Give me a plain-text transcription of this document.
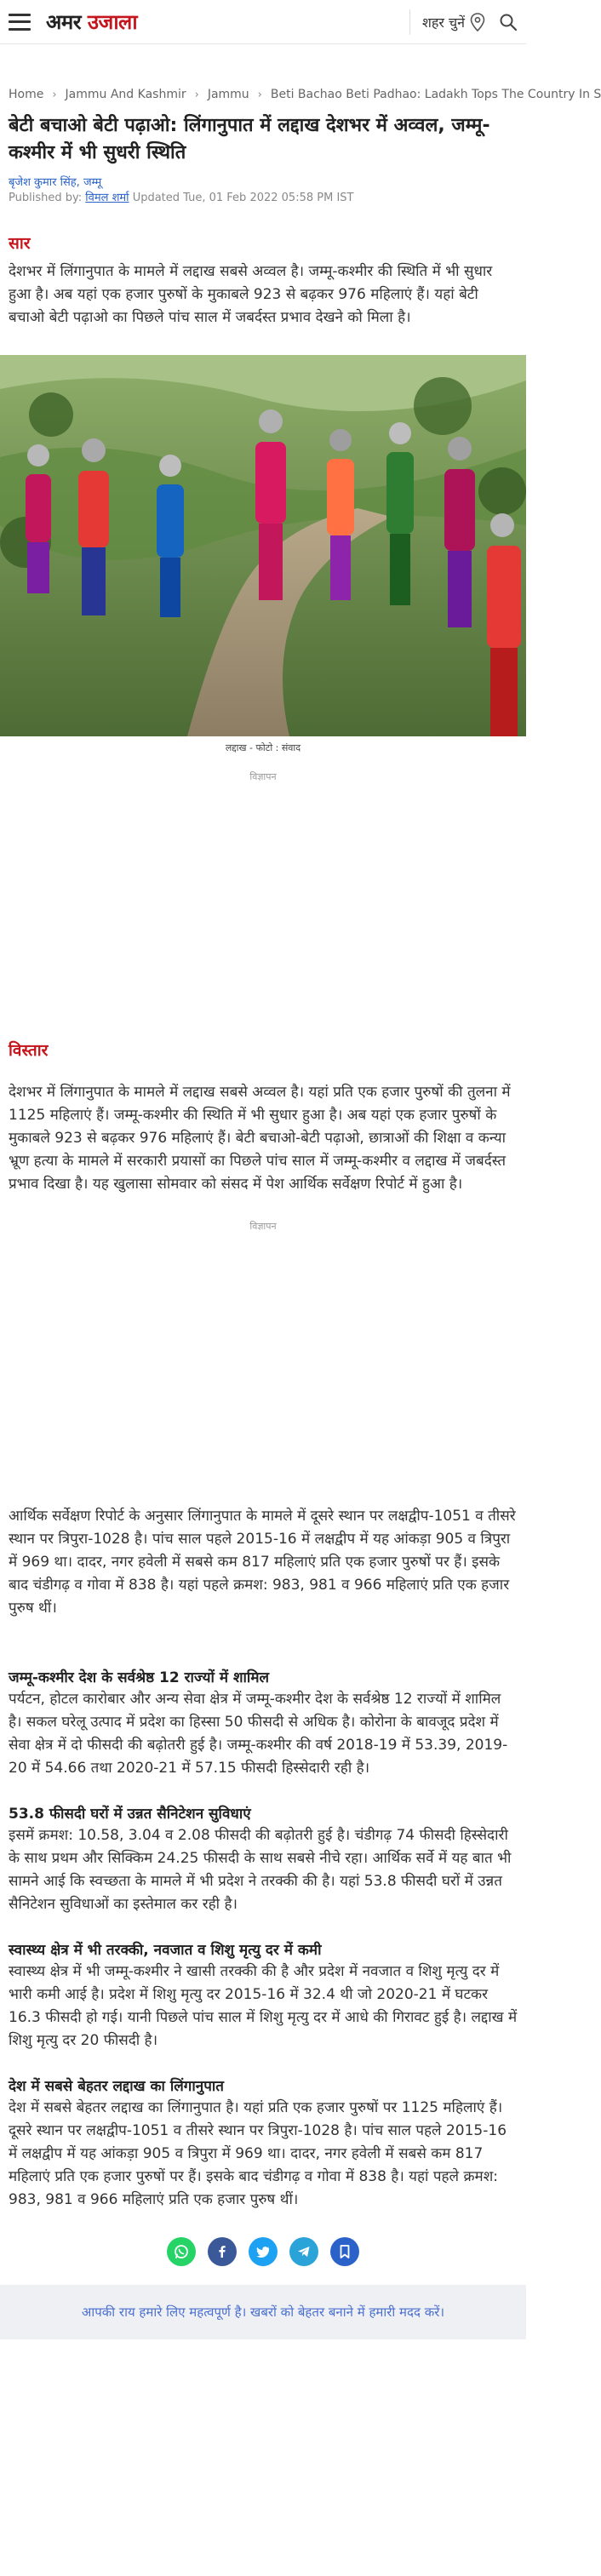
अमर उजाला	शहर चुनें
Home › Jammu And Kashmir › Jammu › Beti Bachao Beti Padhao: Ladakh Tops The Country In S
बेटी बचाओ बेटी पढ़ाओ: लिंगानुपात में लद्दाख देशभर में अव्वल, जम्मू-कश्मीर में भी सुधरी स्थिति
बृजेश कुमार सिंह, जम्मू
Published by: विमल शर्मा Updated Tue, 01 Feb 2022 05:58 PM IST
सार

देशभर में लिंगानुपात के मामले में लद्दाख सबसे अव्वल है। जम्मू-कश्मीर की स्थिति में भी सुधार हुआ है। अब यहां एक हजार पुरुषों के मुकाबले 923 से बढ़कर 976 महिलाएं हैं। यहां बेटी बचाओ बेटी पढ़ाओ का पिछले पांच साल में जबर्दस्त प्रभाव देखने को मिला है।

लद्दाख - फोटो : संवाद
विज्ञापन
विस्तार

देशभर में लिंगानुपात के मामले में लद्दाख सबसे अव्वल है। यहां प्रति एक हजार पुरुषों की तुलना में 1125 महिलाएं हैं। जम्मू-कश्मीर की स्थिति में भी सुधार हुआ है। अब यहां एक हजार पुरुषों के मुकाबले 923 से बढ़कर 976 महिलाएं हैं। बेटी बचाओ-बेटी पढ़ाओ, छात्राओं की शिक्षा व कन्या भ्रूण हत्या के मामले में सरकारी प्रयासों का पिछले पांच साल में जम्मू-कश्मीर व लद्दाख में जबर्दस्त प्रभाव दिखा है। यह खुलासा सोमवार को संसद में पेश आर्थिक सर्वेक्षण रिपोर्ट में हुआ है।

विज्ञापन

आर्थिक सर्वेक्षण रिपोर्ट के अनुसार लिंगानुपात के मामले में दूसरे स्थान पर लक्षद्वीप-1051 व तीसरे स्थान पर त्रिपुरा-1028 है। पांच साल पहले 2015-16 में लक्षद्वीप में यह आंकड़ा 905 व त्रिपुरा में 969 था। दादर, नगर हवेली में सबसे कम 817 महिलाएं प्रति एक हजार पुरुषों पर हैं। इसके बाद चंडीगढ़ व गोवा में 838 है। यहां पहले क्रमश: 983, 981 व 966 महिलाएं प्रति एक हजार पुरुष थीं।

जम्मू-कश्मीर देश के सर्वश्रेष्ठ 12 राज्यों में शामिल

पर्यटन, होटल कारोबार और अन्य सेवा क्षेत्र में जम्मू-कश्मीर देश के सर्वश्रेष्ठ 12 राज्यों में शामिल है। सकल घरेलू उत्पाद में प्रदेश का हिस्सा 50 फीसदी से अधिक है। कोरोना के बावजूद प्रदेश में सेवा क्षेत्र में दो फीसदी की बढ़ोतरी हुई है। जम्मू-कश्मीर की वर्ष 2018-19 में 53.39, 2019-20 में 54.66 तथा 2020-21 में 57.15 फीसदी हिस्सेदारी रही है।

53.8 फीसदी घरों में उन्नत सैनिटेशन सुविधाएं

इसमें क्रमश: 10.58, 3.04 व 2.08 फीसदी की बढ़ोतरी हुई है। चंडीगढ़ 74 फीसदी हिस्सेदारी के साथ प्रथम और सिक्किम 24.25 फीसदी के साथ सबसे नीचे रहा। आर्थिक सर्वे में यह बात भी सामने आई कि स्वच्छता के मामले में भी प्रदेश ने तरक्की की है। यहां 53.8 फीसदी घरों में उन्नत सैनिटेशन सुविधाओं का इस्तेमाल कर रही है।

स्वास्थ्य क्षेत्र में भी तरक्की, नवजात व शिशु मृत्यु दर में कमी

स्वास्थ्य क्षेत्र में भी जम्मू-कश्मीर ने खासी तरक्की की है और प्रदेश में नवजात व शिशु मृत्यु दर में भारी कमी आई है। प्रदेश में शिशु मृत्यु दर 2015-16 में 32.4 थी जो 2020-21 में घटकर 16.3 फीसदी हो गई। यानी पिछले पांच साल में शिशु मृत्यु दर में आधे की गिरावट हुई है। लद्दाख में शिशु मृत्यु दर 20 फीसदी है।

देश में सबसे बेहतर लद्दाख का लिंगानुपात

देश में सबसे बेहतर लद्दाख का लिंगानुपात है। यहां प्रति एक हजार पुरुषों पर 1125 महिलाएं हैं। दूसरे स्थान पर लक्षद्वीप-1051 व तीसरे स्थान पर त्रिपुरा-1028 है। पांच साल पहले 2015-16 में लक्षद्वीप में यह आंकड़ा 905 व त्रिपुरा में 969 था। दादर, नगर हवेली में सबसे कम 817 महिलाएं प्रति एक हजार पुरुषों पर हैं। इसके बाद चंडीगढ़ व गोवा में 838 है। यहां पहले क्रमश: 983, 981 व 966 महिलाएं प्रति एक हजार पुरुष थीं।

आपकी राय हमारे लिए महत्वपूर्ण है। खबरों को बेहतर बनाने में हमारी मदद करें।
